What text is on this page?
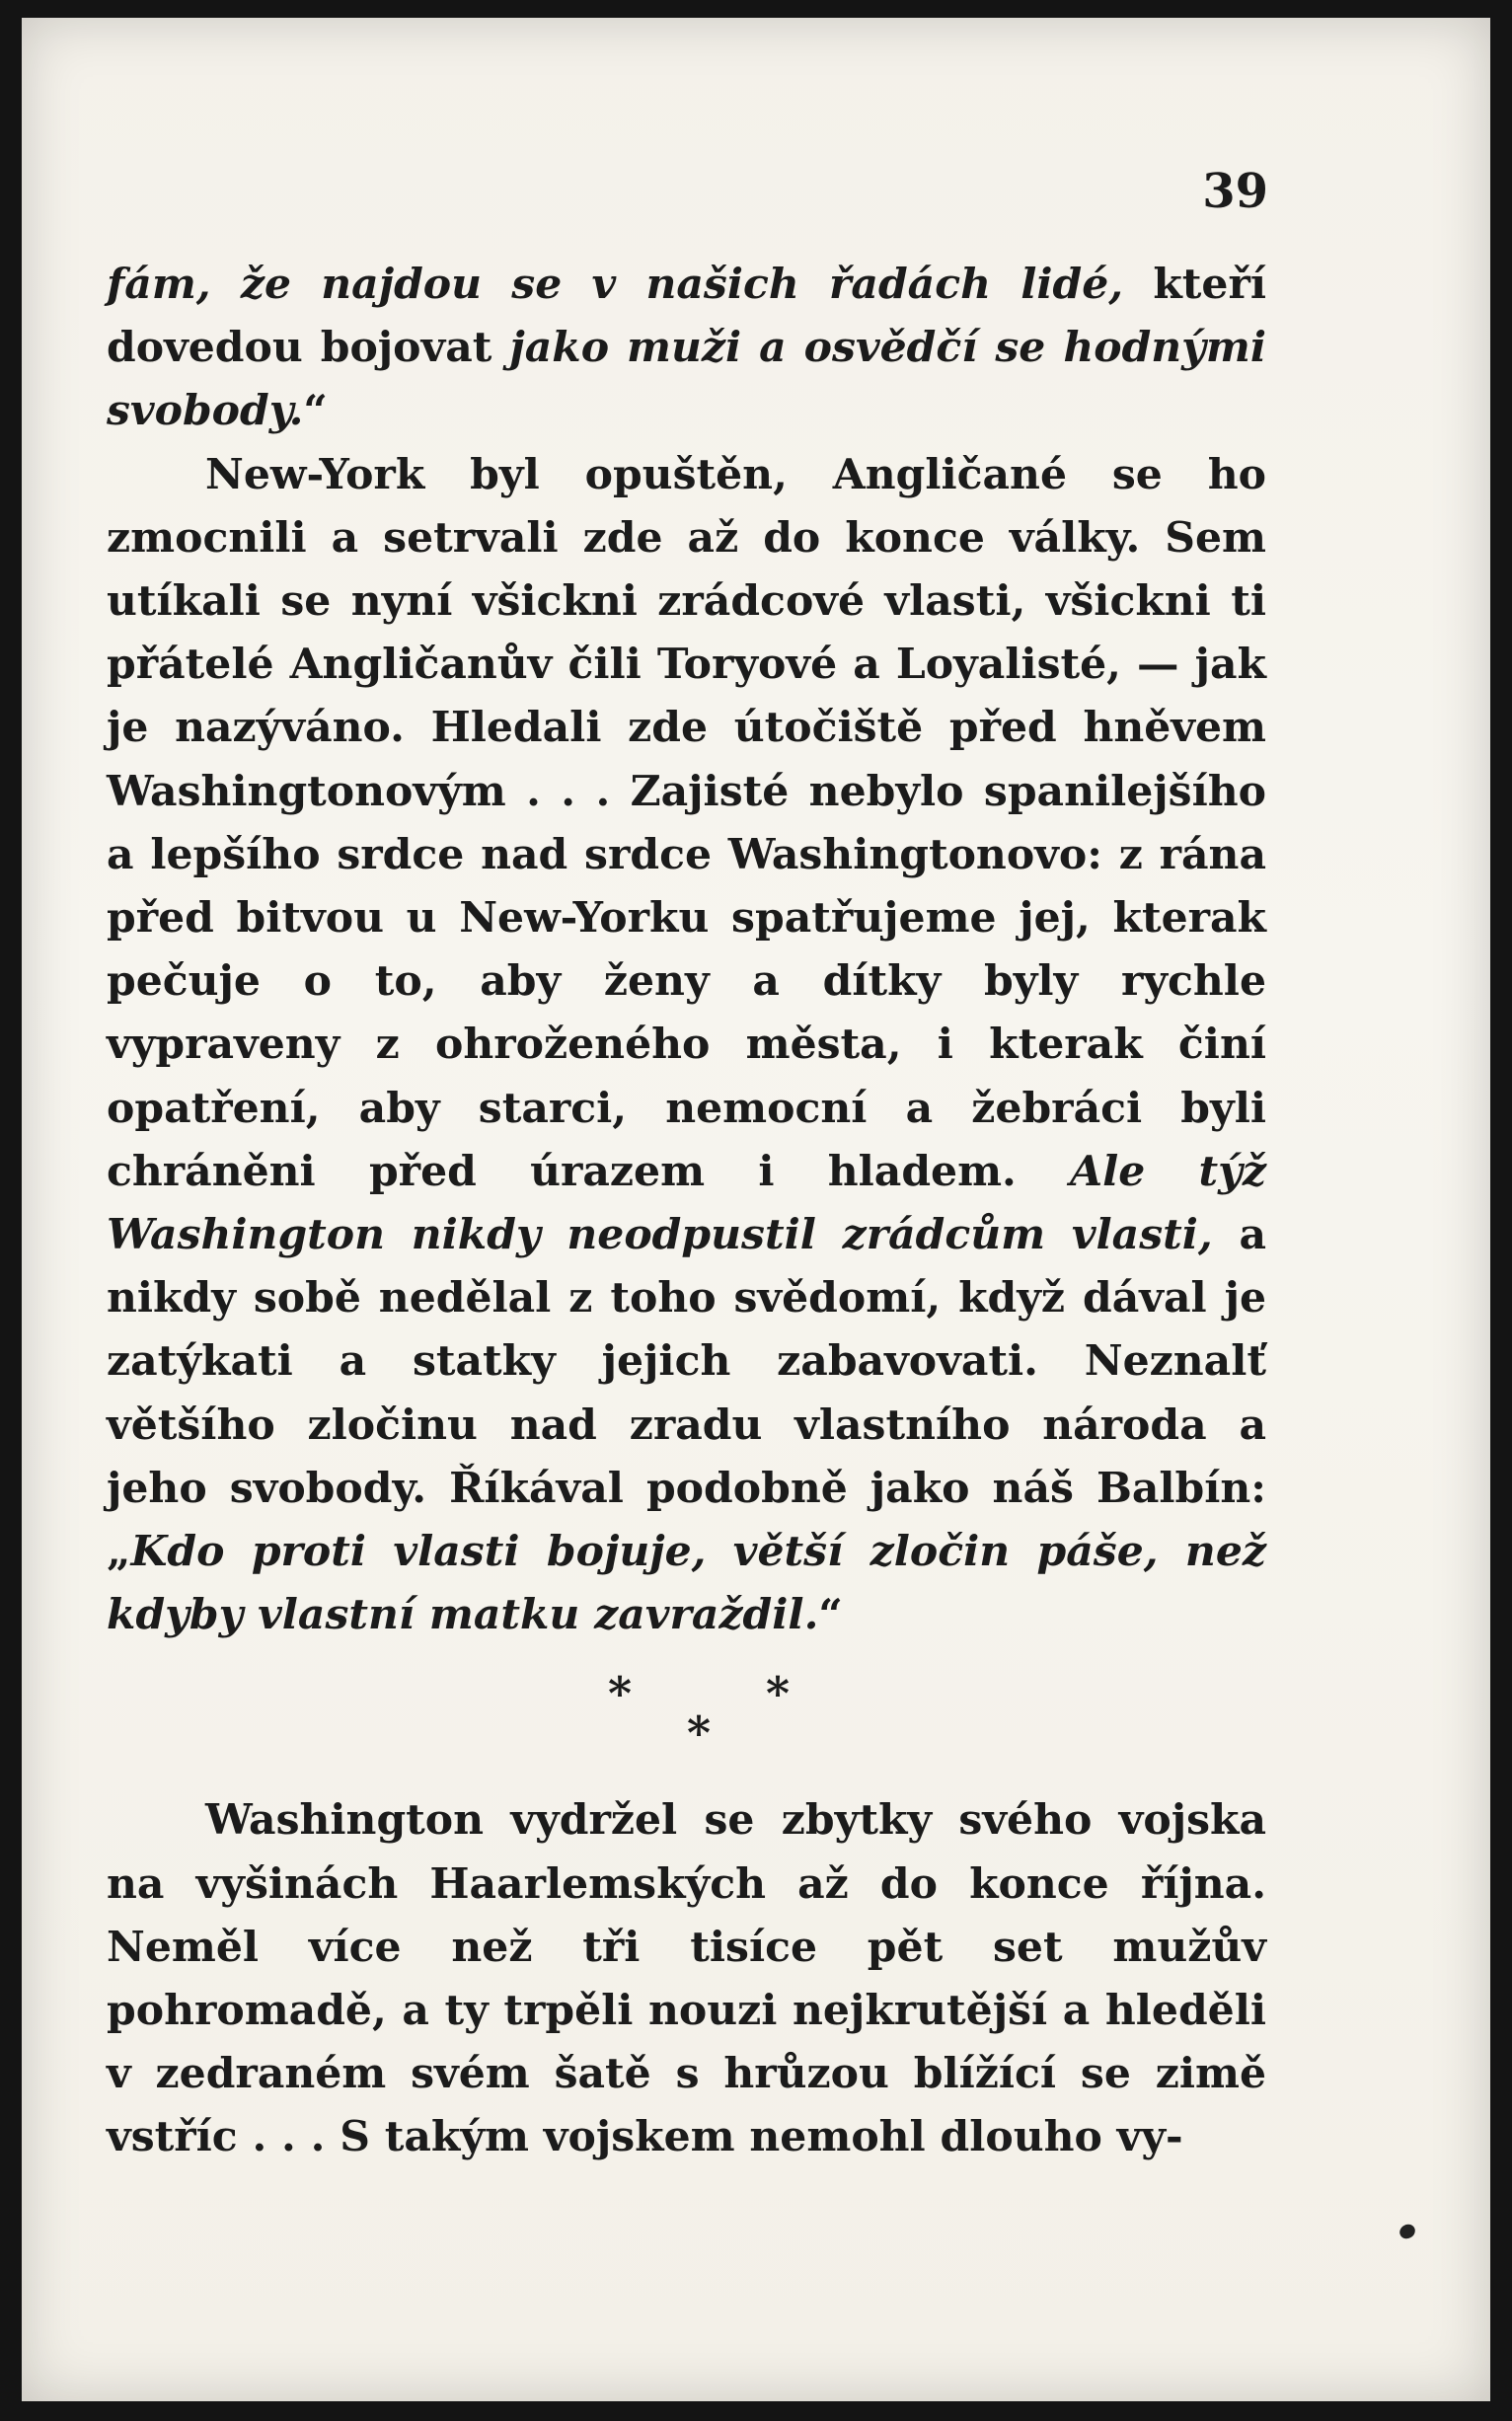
39

fám, že najdou se v našich řadách lidé, kteří dovedou bojovat jako muži a osvědčí se hodnými svobody.“

New-York byl opuštěn, Angličané se ho zmocnili a setrvali zde až do konce války. Sem utíkali se nyní všickni zrádcové vlasti, všickni ti přátelé Angličanův čili Toryové a Loyalisté, — jak je nazýváno. Hledali zde útočiště před hněvem Washingtonovým . . . Zajisté nebylo spanilejšího a lepšího srdce nad srdce Washingtonovo: z rána před bitvou u New-Yorku spatřujeme jej, kterak pečuje o to, aby ženy a dítky byly rychle vypraveny z ohroženého města, i kterak činí opatření, aby starci, nemocní a žebráci byli chráněni před úrazem i hladem. Ale týž Washington nikdy neodpustil zrádcům vlasti, a nikdy sobě nedělal z toho svědomí, když dával je zatýkati a statky jejich zabavovati. Neznalť většího zločinu nad zradu vlastního národa a jeho svobody. Říkával podobně jako náš Balbín: „Kdo proti vlasti bojuje, větší zločin páše, než kdyby vlastní matku zavraždil.“

*	*
*

Washington vydržel se zbytky svého vojska na vyšinách Haarlemských až do konce října. Neměl více než tři tisíce pět set mužův pohromadě, a ty trpěli nouzi nejkrutější a hleděli v zedraném svém šatě s hrůzou blížící se zimě vstříc . . . S takým vojskem nemohl dlouho vy-
